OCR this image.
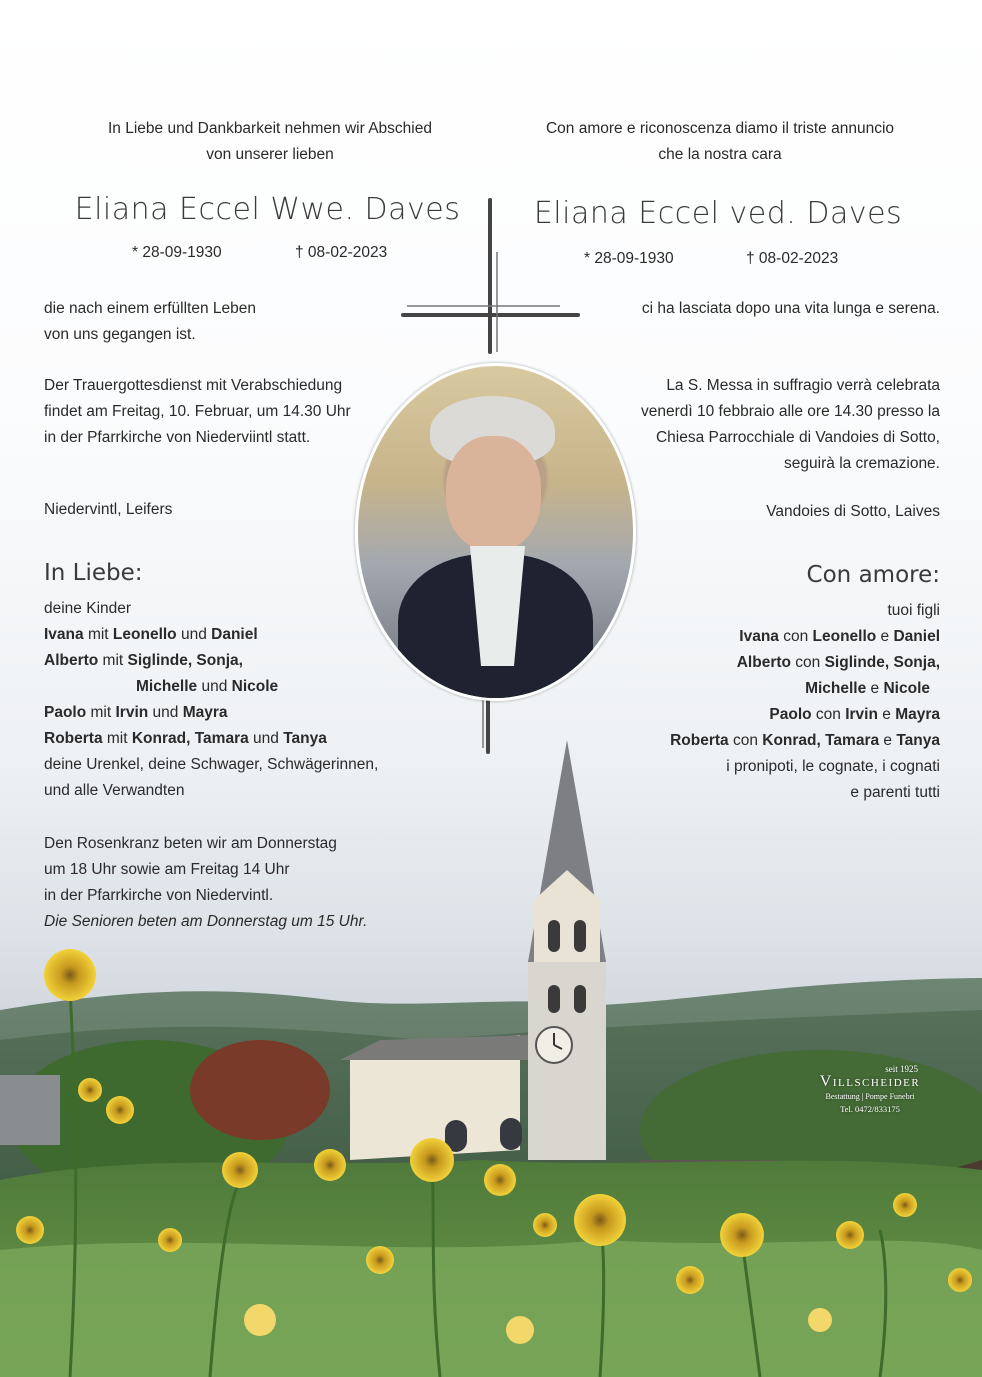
In Liebe und Dankbarkeit nehmen wir Abschied
von unserer lieben
Eliana Eccel Wwe. Daves
* 28-09-1930	† 08-02-2023
die nach einem erfüllten Leben
von uns gegangen ist.
Der Trauergottesdienst mit Verabschiedung
findet am Freitag, 10. Februar, um 14.30 Uhr
in der Pfarrkirche von Niederviintl statt.
Niedervintl, Leifers
In Liebe:
deine Kinder
Ivana mit Leonello und Daniel
Alberto mit Siglinde, Sonja,
Michelle und Nicole
Paolo mit Irvin und Mayra
Roberta mit Konrad, Tamara und Tanya
deine Urenkel, deine Schwager, Schwägerinnen,
und alle Verwandten
Den Rosenkranz beten wir am Donnerstag
um 18 Uhr sowie am Freitag 14 Uhr
in der Pfarrkirche von Niedervintl.
Die Senioren beten am Donnerstag um 15 Uhr.
Con amore e riconoscenza diamo il triste annuncio
che la nostra cara
Eliana Eccel ved. Daves
* 28-09-1930	† 08-02-2023
ci ha lasciata dopo una vita lunga e serena.
La S. Messa in suffragio verrà celebrata
venerdì 10 febbraio alle ore 14.30 presso la
Chiesa Parrocchiale di Vandoies di Sotto,
seguirà la cremazione.
Vandoies di Sotto, Laives
Con amore:
tuoi figli
Ivana con Leonello e Daniel
Alberto con Siglinde, Sonja,
Michelle e Nicole
Paolo con Irvin e Mayra
Roberta con Konrad, Tamara e Tanya
i pronipoti, le cognate, i cognati
e parenti tutti
seit 1925
Villscheider
Bestattung | Pompe Funebri
Tel. 0472/833175
